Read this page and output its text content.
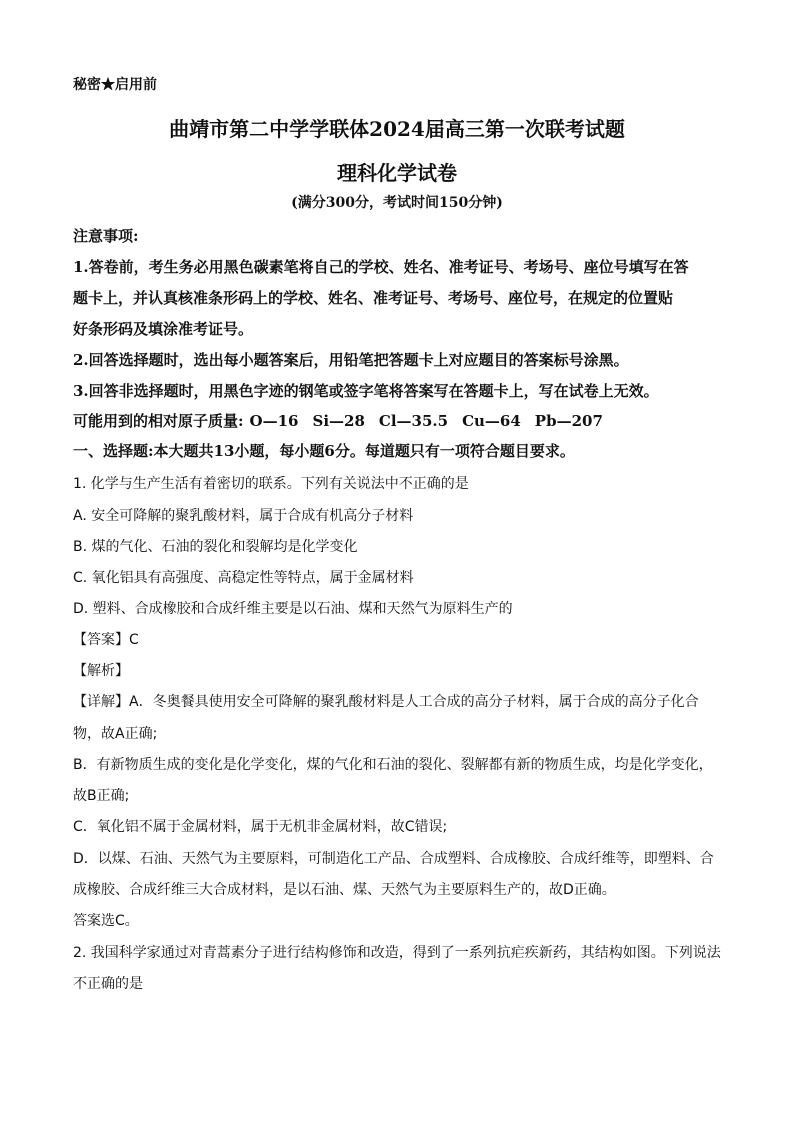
秘密★启用前
曲靖市第二中学学联体2024届高三第一次联考试题
理科化学试卷
(满分300分，考试时间150分钟)
注意事项:
1.答卷前，考生务必用黑色碳素笔将自己的学校、姓名、准考证号、考场号、座位号填写在答
题卡上，并认真核准条形码上的学校、姓名、准考证号、考场号、座位号，在规定的位置贴
好条形码及填涂准考证号。
2.回答选择题时，选出每小题答案后，用铅笔把答题卡上对应题目的答案标号涂黑。
3.回答非选择题时，用黑色字迹的钢笔或签字笔将答案写在答题卡上，写在试卷上无效。
可能用到的相对原子质量: O—16 Si—28 Cl—35.5 Cu—64 Pb—207
一、选择题:本大题共13小题，每小题6分。每道题只有一项符合题目要求。
1. 化学与生产生活有着密切的联系。下列有关说法中不正确的是
A. 安全可降解的聚乳酸材料，属于合成有机高分子材料
B. 煤的气化、石油的裂化和裂解均是化学变化
C. 氧化铝具有高强度、高稳定性等特点，属于金属材料
D. 塑料、合成橡胶和合成纤维主要是以石油、煤和天然气为原料生产的
【答案】C
【解析】
【详解】A．冬奥餐具使用安全可降解的聚乳酸材料是人工合成的高分子材料，属于合成的高分子化合
物，故A正确;
B．有新物质生成的变化是化学变化，煤的气化和石油的裂化、裂解都有新的物质生成，均是化学变化，
故B正确;
C．氧化铝不属于金属材料，属于无机非金属材料，故C错误;
D．以煤、石油、天然气为主要原料，可制造化工产品、合成塑料、合成橡胶、合成纤维等，即塑料、合
成橡胶、合成纤维三大合成材料，是以石油、煤、天然气为主要原料生产的，故D正确。
答案选C。
2. 我国科学家通过对青蒿素分子进行结构修饰和改造，得到了一系列抗疟疾新药，其结构如图。下列说法
不正确的是
